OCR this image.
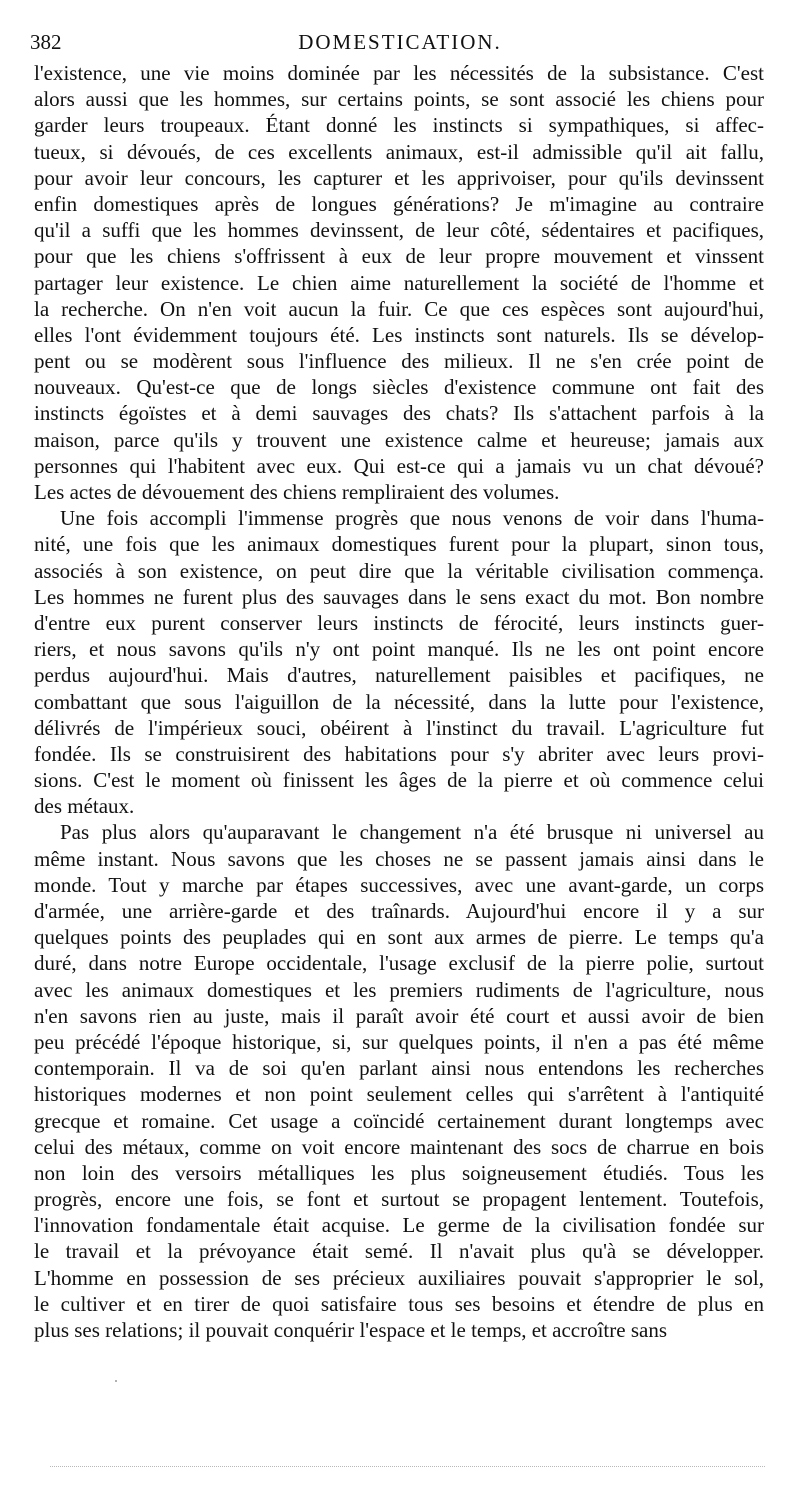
382	DOMESTICATION.
l'existence, une vie moins dominée par les nécessités de la subsistance. C'est
alors aussi que les hommes, sur certains points, se sont associé les chiens pour
garder leurs troupeaux. Étant donné les instincts si sympathiques, si affec-
tueux, si dévoués, de ces excellents animaux, est-il admissible qu'il ait fallu,
pour avoir leur concours, les capturer et les apprivoiser, pour qu'ils devinssent
enfin domestiques après de longues générations? Je m'imagine au contraire
qu'il a suffi que les hommes devinssent, de leur côté, sédentaires et pacifiques,
pour que les chiens s'offrissent à eux de leur propre mouvement et vinssent
partager leur existence. Le chien aime naturellement la société de l'homme et
la recherche. On n'en voit aucun la fuir. Ce que ces espèces sont aujourd'hui,
elles l'ont évidemment toujours été. Les instincts sont naturels. Ils se dévelop-
pent ou se modèrent sous l'influence des milieux. Il ne s'en crée point de
nouveaux. Qu'est-ce que de longs siècles d'existence commune ont fait des
instincts égoïstes et à demi sauvages des chats? Ils s'attachent parfois à la
maison, parce qu'ils y trouvent une existence calme et heureuse; jamais aux
personnes qui l'habitent avec eux. Qui est-ce qui a jamais vu un chat dévoué?
Les actes de dévouement des chiens rempliraient des volumes.
Une fois accompli l'immense progrès que nous venons de voir dans l'huma-
nité, une fois que les animaux domestiques furent pour la plupart, sinon tous,
associés à son existence, on peut dire que la véritable civilisation commença.
Les hommes ne furent plus des sauvages dans le sens exact du mot. Bon nombre
d'entre eux purent conserver leurs instincts de férocité, leurs instincts guer-
riers, et nous savons qu'ils n'y ont point manqué. Ils ne les ont point encore
perdus aujourd'hui. Mais d'autres, naturellement paisibles et pacifiques, ne
combattant que sous l'aiguillon de la nécessité, dans la lutte pour l'existence,
délivrés de l'impérieux souci, obéirent à l'instinct du travail. L'agriculture fut
fondée. Ils se construisirent des habitations pour s'y abriter avec leurs provi-
sions. C'est le moment où finissent les âges de la pierre et où commence celui
des métaux.
Pas plus alors qu'auparavant le changement n'a été brusque ni universel au
même instant. Nous savons que les choses ne se passent jamais ainsi dans le
monde. Tout y marche par étapes successives, avec une avant-garde, un corps
d'armée, une arrière-garde et des traînards. Aujourd'hui encore il y a sur
quelques points des peuplades qui en sont aux armes de pierre. Le temps qu'a
duré, dans notre Europe occidentale, l'usage exclusif de la pierre polie, surtout
avec les animaux domestiques et les premiers rudiments de l'agriculture, nous
n'en savons rien au juste, mais il paraît avoir été court et aussi avoir de bien
peu précédé l'époque historique, si, sur quelques points, il n'en a pas été même
contemporain. Il va de soi qu'en parlant ainsi nous entendons les recherches
historiques modernes et non point seulement celles qui s'arrêtent à l'antiquité
grecque et romaine. Cet usage a coïncidé certainement durant longtemps avec
celui des métaux, comme on voit encore maintenant des socs de charrue en bois
non loin des versoirs métalliques les plus soigneusement étudiés. Tous les
progrès, encore une fois, se font et surtout se propagent lentement. Toutefois,
l'innovation fondamentale était acquise. Le germe de la civilisation fondée sur
le travail et la prévoyance était semé. Il n'avait plus qu'à se développer.
L'homme en possession de ses précieux auxiliaires pouvait s'approprier le sol,
le cultiver et en tirer de quoi satisfaire tous ses besoins et étendre de plus en
plus ses relations; il pouvait conquérir l'espace et le temps, et accroître sans
